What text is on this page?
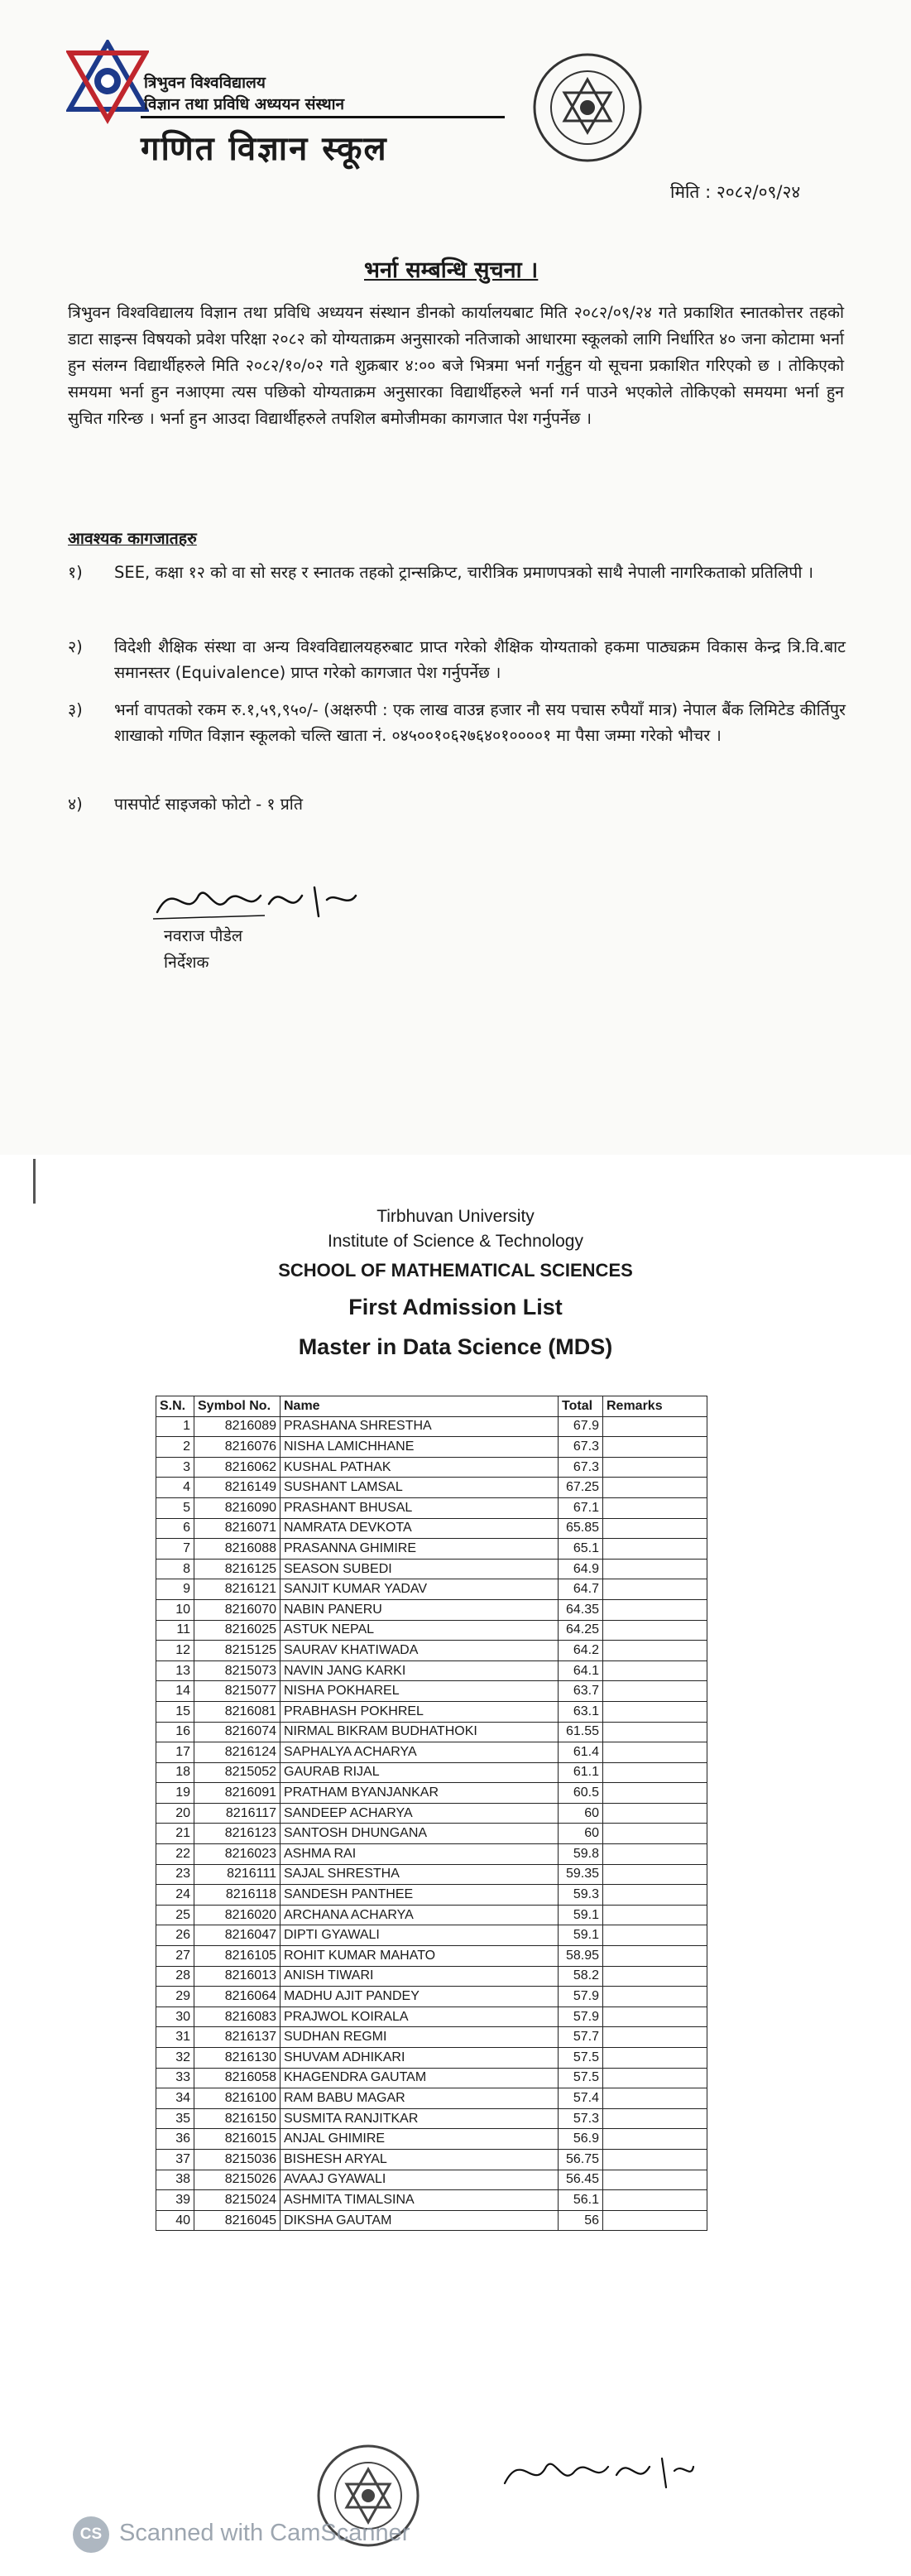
त्रिभुवन विश्वविद्यालय
विज्ञान तथा प्रविधि अध्ययन संस्थान
गणित विज्ञान स्कूल
मिति : २०८२/०९/२४
भर्ना सम्बन्धि सुचना ।
त्रिभुवन विश्वविद्यालय विज्ञान तथा प्रविधि अध्ययन संस्थान डीनको कार्यालयबाट मिति २०८२/०९/२४ गते प्रकाशित स्नातकोत्तर तहको डाटा साइन्स विषयको प्रवेश परिक्षा २०८२ को योग्यताक्रम अनुसारको नतिजाको आधारमा स्कूलको लागि निर्धारित ४० जना कोटामा भर्ना हुन संलग्न विद्यार्थीहरुले मिति २०८२/१०/०२ गते शुक्रबार ४:०० बजे भित्रमा भर्ना गर्नुहुन यो सूचना प्रकाशित गरिएको छ । तोकिएको समयमा भर्ना हुन नआएमा त्यस पछिको योग्यताक्रम अनुसारका विद्यार्थीहरुले भर्ना गर्न पाउने भएकोले तोकिएको समयमा भर्ना हुन सुचित गरिन्छ । भर्ना हुन आउदा विद्यार्थीहरुले तपशिल बमोजीमका कागजात पेश गर्नुपर्नेछ ।
आवश्यक कागजातहरु
१)	SEE, कक्षा १२ को वा सो सरह र स्नातक तहको ट्रान्सक्रिप्ट, चारीत्रिक प्रमाणपत्रको साथै नेपाली नागरिकताको प्रतिलिपी ।
२)	विदेशी शैक्षिक संस्था वा अन्य विश्वविद्यालयहरुबाट प्राप्त गरेको शैक्षिक योग्यताको हकमा पाठ्यक्रम विकास केन्द्र त्रि.वि.बाट समानस्तर (Equivalence) प्राप्त गरेको कागजात पेश गर्नुपर्नेछ ।
३)	भर्ना वापतको रकम रु.१,५९,९५०/- (अक्षरुपी : एक लाख वाउन्न हजार नौ सय पचास रुपैयाँ मात्र) नेपाल बैंक लिमिटेड कीर्तिपुर शाखाको गणित विज्ञान स्कूलको चल्ति खाता नं. ०४५००१०६२७६४०१००००१ मा पैसा जम्मा गरेको भौचर ।
४)	पासपोर्ट साइजको फोटो - १ प्रति
नवराज पौडेल
निर्देशक
Tirbhuvan University
Institute of Science & Technology
SCHOOL OF MATHEMATICAL SCIENCES
First Admission List
Master in Data Science (MDS)
S.N.	Symbol No.	Name	Total	Remarks
1	8216089	PRASHANA SHRESTHA	67.9	
2	8216076	NISHA LAMICHHANE	67.3	
3	8216062	KUSHAL PATHAK	67.3	
4	8216149	SUSHANT LAMSAL	67.25	
5	8216090	PRASHANT BHUSAL	67.1	
6	8216071	NAMRATA DEVKOTA	65.85	
7	8216088	PRASANNA GHIMIRE	65.1	
8	8216125	SEASON SUBEDI	64.9	
9	8216121	SANJIT KUMAR YADAV	64.7	
10	8216070	NABIN PANERU	64.35	
11	8216025	ASTUK NEPAL	64.25	
12	8215125	SAURAV KHATIWADA	64.2	
13	8215073	NAVIN JANG KARKI	64.1	
14	8215077	NISHA POKHAREL	63.7	
15	8216081	PRABHASH POKHREL	63.1	
16	8216074	NIRMAL BIKRAM BUDHATHOKI	61.55	
17	8216124	SAPHALYA ACHARYA	61.4	
18	8215052	GAURAB RIJAL	61.1	
19	8216091	PRATHAM BYANJANKAR	60.5	
20	8216117	SANDEEP ACHARYA	60	
21	8216123	SANTOSH DHUNGANA	60	
22	8216023	ASHMA RAI	59.8	
23	8216111	SAJAL SHRESTHA	59.35	
24	8216118	SANDESH PANTHEE	59.3	
25	8216020	ARCHANA ACHARYA	59.1	
26	8216047	DIPTI GYAWALI	59.1	
27	8216105	ROHIT KUMAR MAHATO	58.95	
28	8216013	ANISH TIWARI	58.2	
29	8216064	MADHU AJIT PANDEY	57.9	
30	8216083	PRAJWOL KOIRALA	57.9	
31	8216137	SUDHAN REGMI	57.7	
32	8216130	SHUVAM ADHIKARI	57.5	
33	8216058	KHAGENDRA GAUTAM	57.5	
34	8216100	RAM BABU MAGAR	57.4	
35	8216150	SUSMITA RANJITKAR	57.3	
36	8216015	ANJAL GHIMIRE	56.9	
37	8215036	BISHESH ARYAL	56.75	
38	8215026	AVAAJ GYAWALI	56.45	
39	8215024	ASHMITA TIMALSINA	56.1	
40	8216045	DIKSHA GAUTAM	56	
CS Scanned with CamScanner
